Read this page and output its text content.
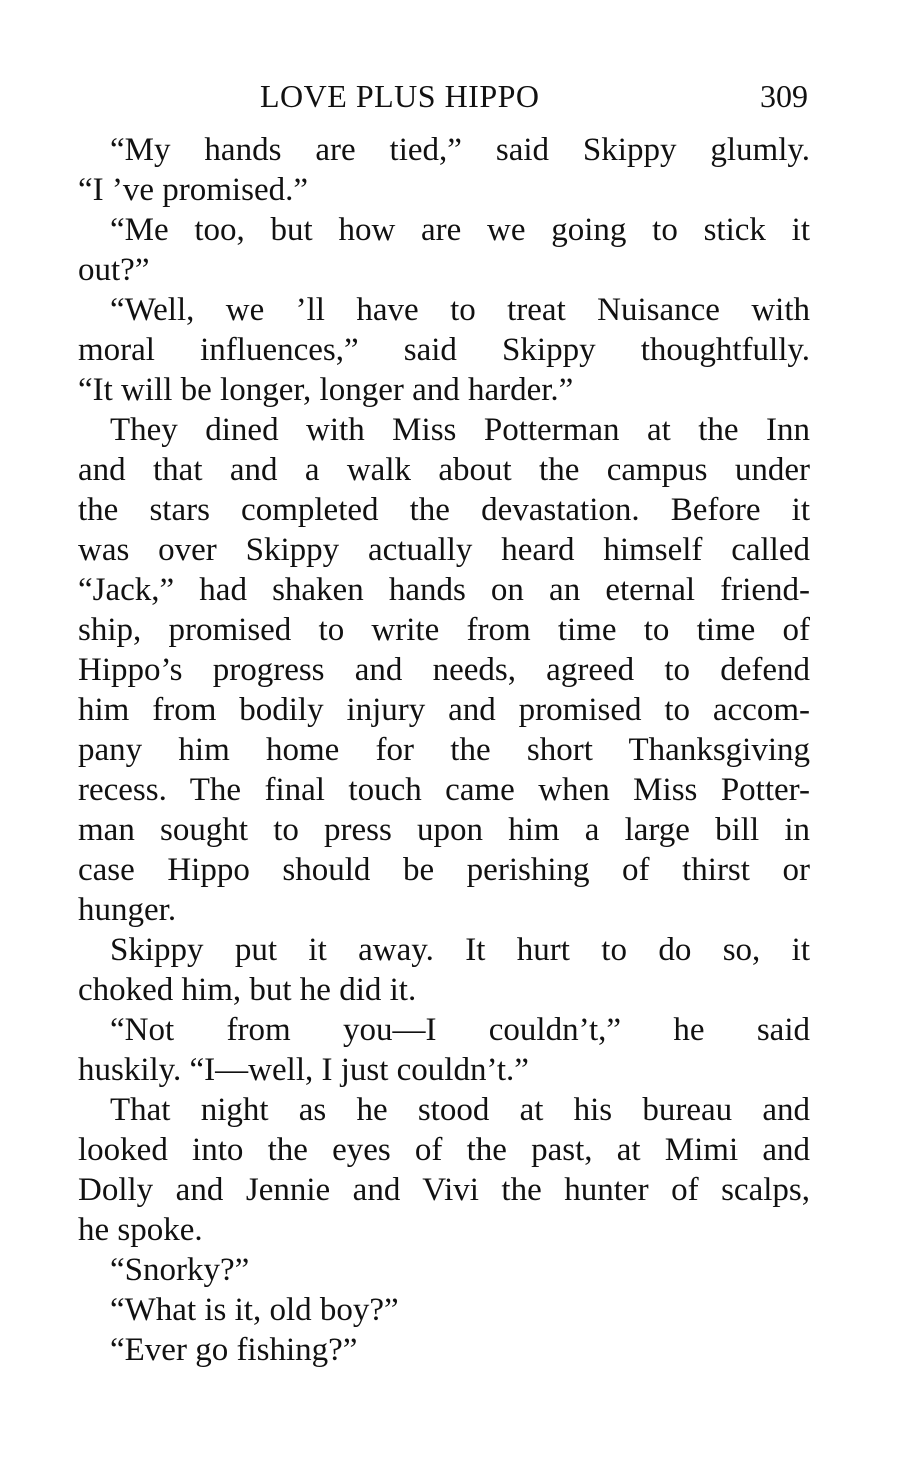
LOVE PLUS HIPPO	309
“My hands are tied,” said Skippy glumly.
“I ’ve promised.”
“Me too, but how are we going to stick it
out?”
“Well, we ’ll have to treat Nuisance with
moral influences,” said Skippy thoughtfully.
“It will be longer, longer and harder.”
They dined with Miss Potterman at the Inn
and that and a walk about the campus under
the stars completed the devastation. Before it
was over Skippy actually heard himself called
“Jack,” had shaken hands on an eternal friend-
ship, promised to write from time to time of
Hippo’s progress and needs, agreed to defend
him from bodily injury and promised to accom-
pany him home for the short Thanksgiving
recess. The final touch came when Miss Potter-
man sought to press upon him a large bill in
case Hippo should be perishing of thirst or
hunger.
Skippy put it away. It hurt to do so, it
choked him, but he did it.
“Not from you—I couldn’t,” he said
huskily. “I—well, I just couldn’t.”
That night as he stood at his bureau and
looked into the eyes of the past, at Mimi and
Dolly and Jennie and Vivi the hunter of scalps,
he spoke.
“Snorky?”
“What is it, old boy?”
“Ever go fishing?”
